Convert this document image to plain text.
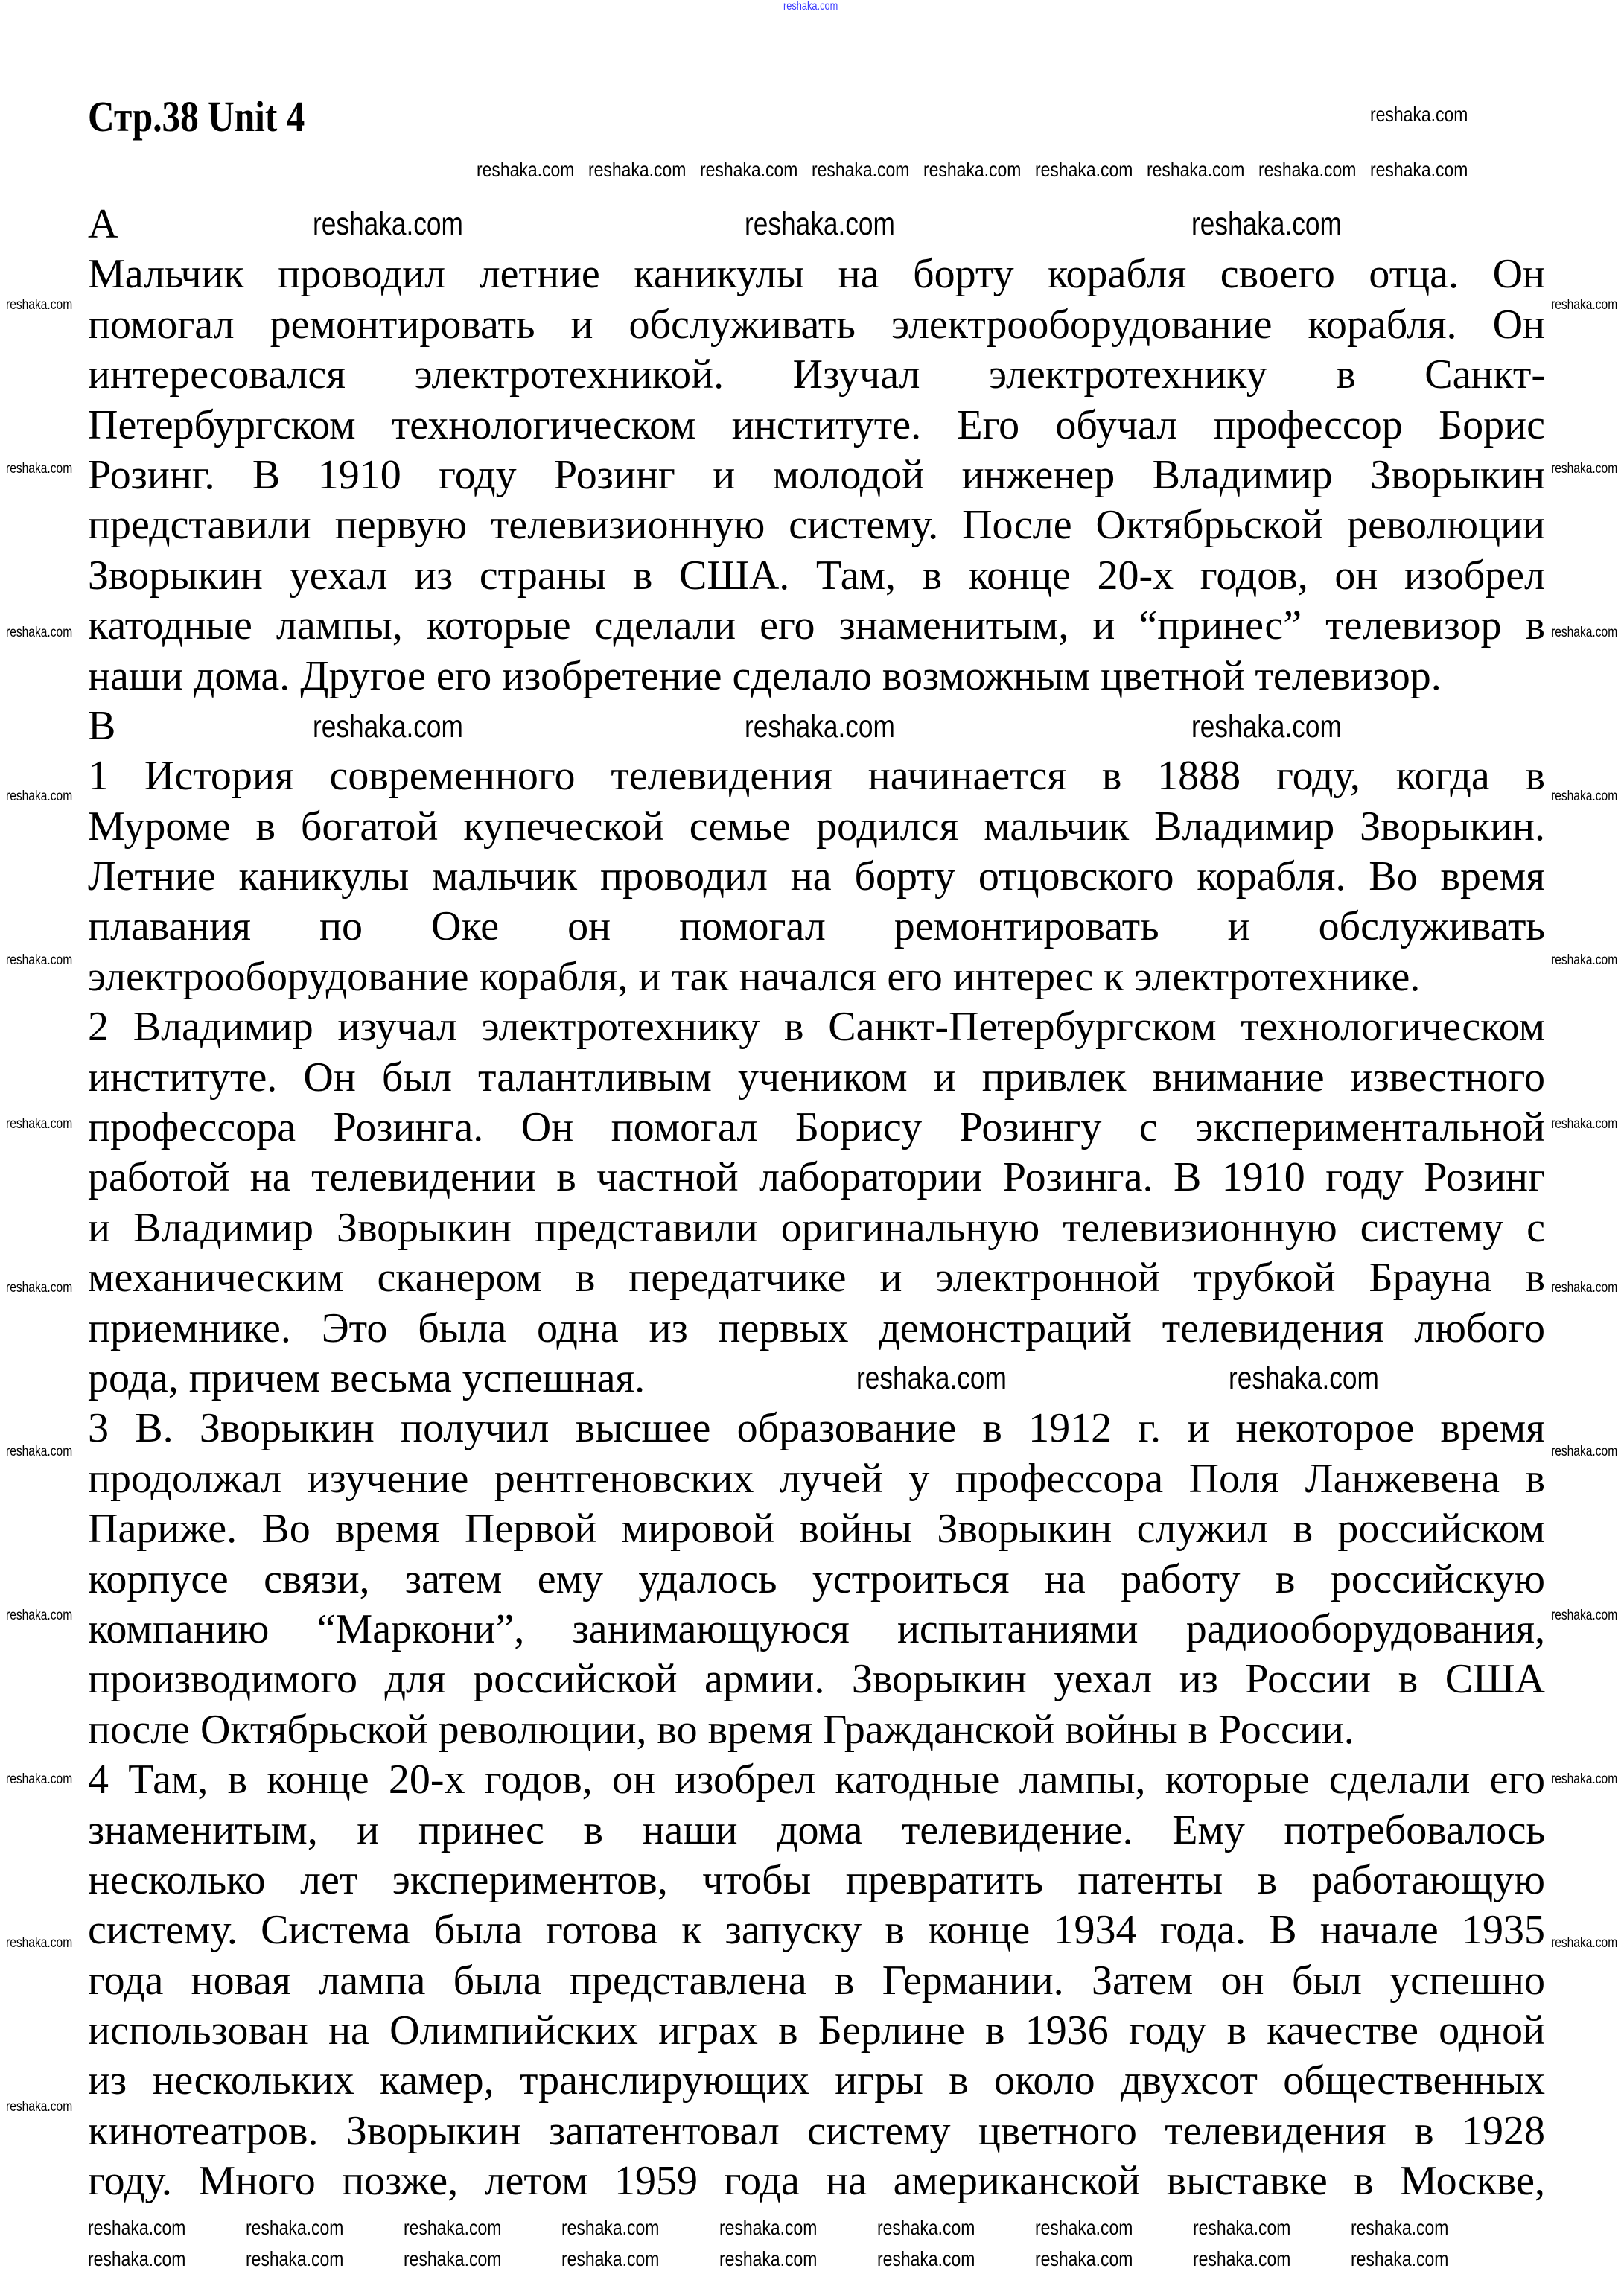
reshaka.com
Стр.38 Unit 4
A
Мальчик проводил летние каникулы на борту корабля своего отца. Он
помогал ремонтировать и обслуживать электрооборудование корабля. Он
интересовался электротехникой. Изучал электротехнику в Санкт-
Петербургском технологическом институте. Его обучал профессор Борис
Розинг. В 1910 году Розинг и молодой инженер Владимир Зворыкин
представили первую телевизионную систему. После Октябрьской революции
Зворыкин уехал из страны в США. Там, в конце 20-х годов, он изобрел
катодные лампы, которые сделали его знаменитым, и “принес” телевизор в
наши дома. Другое его изобретение сделало возможным цветной телевизор.
B
1 История современного телевидения начинается в 1888 году, когда в
Муроме в богатой купеческой семье родился мальчик Владимир Зворыкин.
Летние каникулы мальчик проводил на борту отцовского корабля. Во время
плавания по Оке он помогал ремонтировать и обслуживать
электрооборудование корабля, и так начался его интерес к электротехнике.
2 Владимир изучал электротехнику в Санкт-Петербургском технологическом
институте. Он был талантливым учеником и привлек внимание известного
профессора Розинга. Он помогал Борису Розингу с экспериментальной
работой на телевидении в частной лаборатории Розинга. В 1910 году Розинг
и Владимир Зворыкин представили оригинальную телевизионную систему с
механическим сканером в передатчике и электронной трубкой Брауна в
приемнике. Это была одна из первых демонстраций телевидения любого
рода, причем весьма успешная.
3 В. Зворыкин получил высшее образование в 1912 г. и некоторое время
продолжал изучение рентгеновских лучей у профессора Поля Ланжевена в
Париже. Во время Первой мировой войны Зворыкин служил в российском
корпусе связи, затем ему удалось устроиться на работу в российскую
компанию “Маркони”, занимающуюся испытаниями радиооборудования,
производимого для российской армии. Зворыкин уехал из России в США
после Октябрьской революции, во время Гражданской войны в России.
4 Там, в конце 20-х годов, он изобрел катодные лампы, которые сделали его
знаменитым, и принес в наши дома телевидение. Ему потребовалось
несколько лет экспериментов, чтобы превратить патенты в работающую
систему. Система была готова к запуску в конце 1934 года. В начале 1935
года новая лампа была представлена в Германии. Затем он был успешно
использован на Олимпийских играх в Берлине в 1936 году в качестве одной
из нескольких камер, транслирующих игры в около двухсот общественных
кинотеатров. Зворыкин запатентовал систему цветного телевидения в 1928
году. Много позже, летом 1959 года на американской выставке в Москве,
reshaka.com	reshaka.com	reshaka.com
reshaka.com	reshaka.com	reshaka.com
reshaka.com	reshaka.com
reshaka.com reshaka.com reshaka.com reshaka.com reshaka.com reshaka.com reshaka.com reshaka.com reshaka.com
reshaka.com
reshaka.com	reshaka.com	reshaka.com	reshaka.com	reshaka.com	reshaka.com	reshaka.com	reshaka.com	reshaka.com
reshaka.com	reshaka.com	reshaka.com	reshaka.com	reshaka.com	reshaka.com	reshaka.com	reshaka.com	reshaka.com
reshaka.com
reshaka.com
reshaka.com
reshaka.com
reshaka.com
reshaka.com
reshaka.com
reshaka.com
reshaka.com
reshaka.com
reshaka.com
reshaka.com
reshaka.com
reshaka.com
reshaka.com
reshaka.com
reshaka.com
reshaka.com
reshaka.com
reshaka.com
reshaka.com
reshaka.com
reshaka.com
